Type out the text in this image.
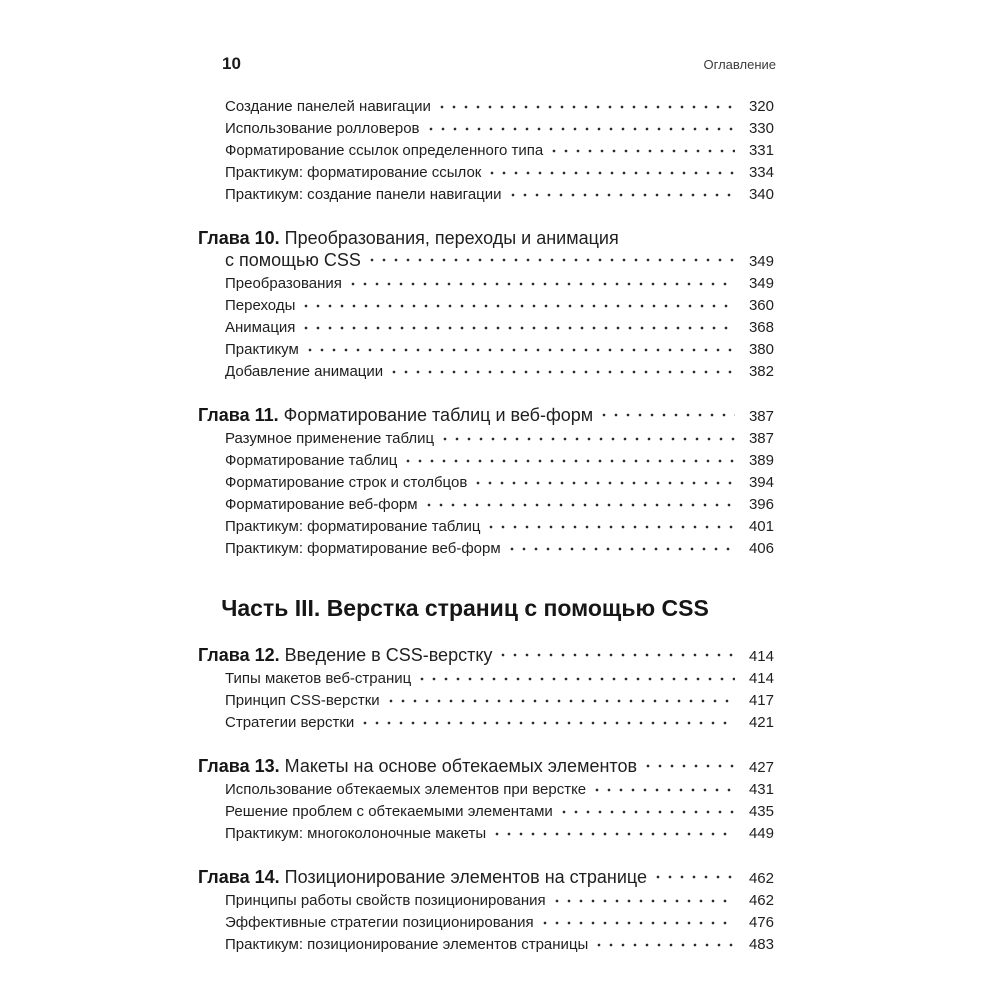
10	Оглавление
Создание панелей навигации	320
Использование ролловеров	330
Форматирование ссылок определенного типа	331
Практикум: форматирование ссылок	334
Практикум: создание панели навигации	340
Глава 10. Преобразования, переходы и анимация
с помощью CSS	349
Преобразования	349
Переходы	360
Анимация	368
Практикум	380
Добавление анимации	382
Глава 11. Форматирование таблиц и веб-форм	387
Разумное применение таблиц	387
Форматирование таблиц	389
Форматирование строк и столбцов	394
Форматирование веб-форм	396
Практикум: форматирование таблиц	401
Практикум: форматирование веб-форм	406
Часть III. Верстка страниц с помощью CSS
Глава 12. Введение в CSS-верстку	414
Типы макетов веб-страниц	414
Принцип CSS-верстки	417
Стратегии верстки	421
Глава 13. Макеты на основе обтекаемых элементов	427
Использование обтекаемых элементов при верстке	431
Решение проблем с обтекаемыми элементами	435
Практикум: многоколоночные макеты	449
Глава 14. Позиционирование элементов на странице	462
Принципы работы свойств позиционирования	462
Эффективные стратегии позиционирования	476
Практикум: позиционирование элементов страницы	483
